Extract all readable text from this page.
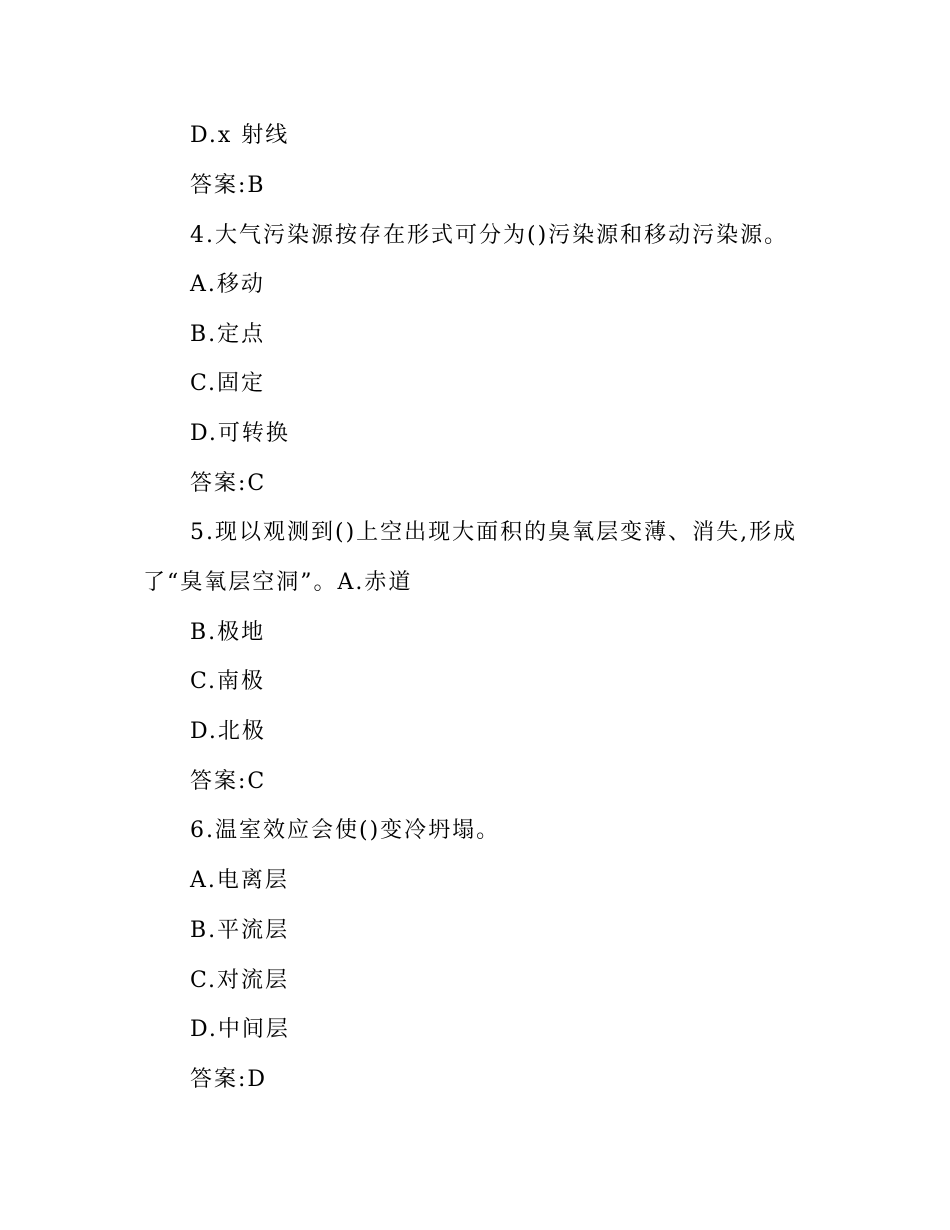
D.x 射线
答案:B
4.大气污染源按存在形式可分为()污染源和移动污染源。
A.移动
B.定点
C.固定
D.可转换
答案:C
5.现以观测到()上空出现大面积的臭氧层变薄、消失,形成
了“臭氧层空洞”。A.赤道
B.极地
C.南极
D.北极
答案:C
6.温室效应会使()变冷坍塌。
A.电离层
B.平流层
C.对流层
D.中间层
答案:D
